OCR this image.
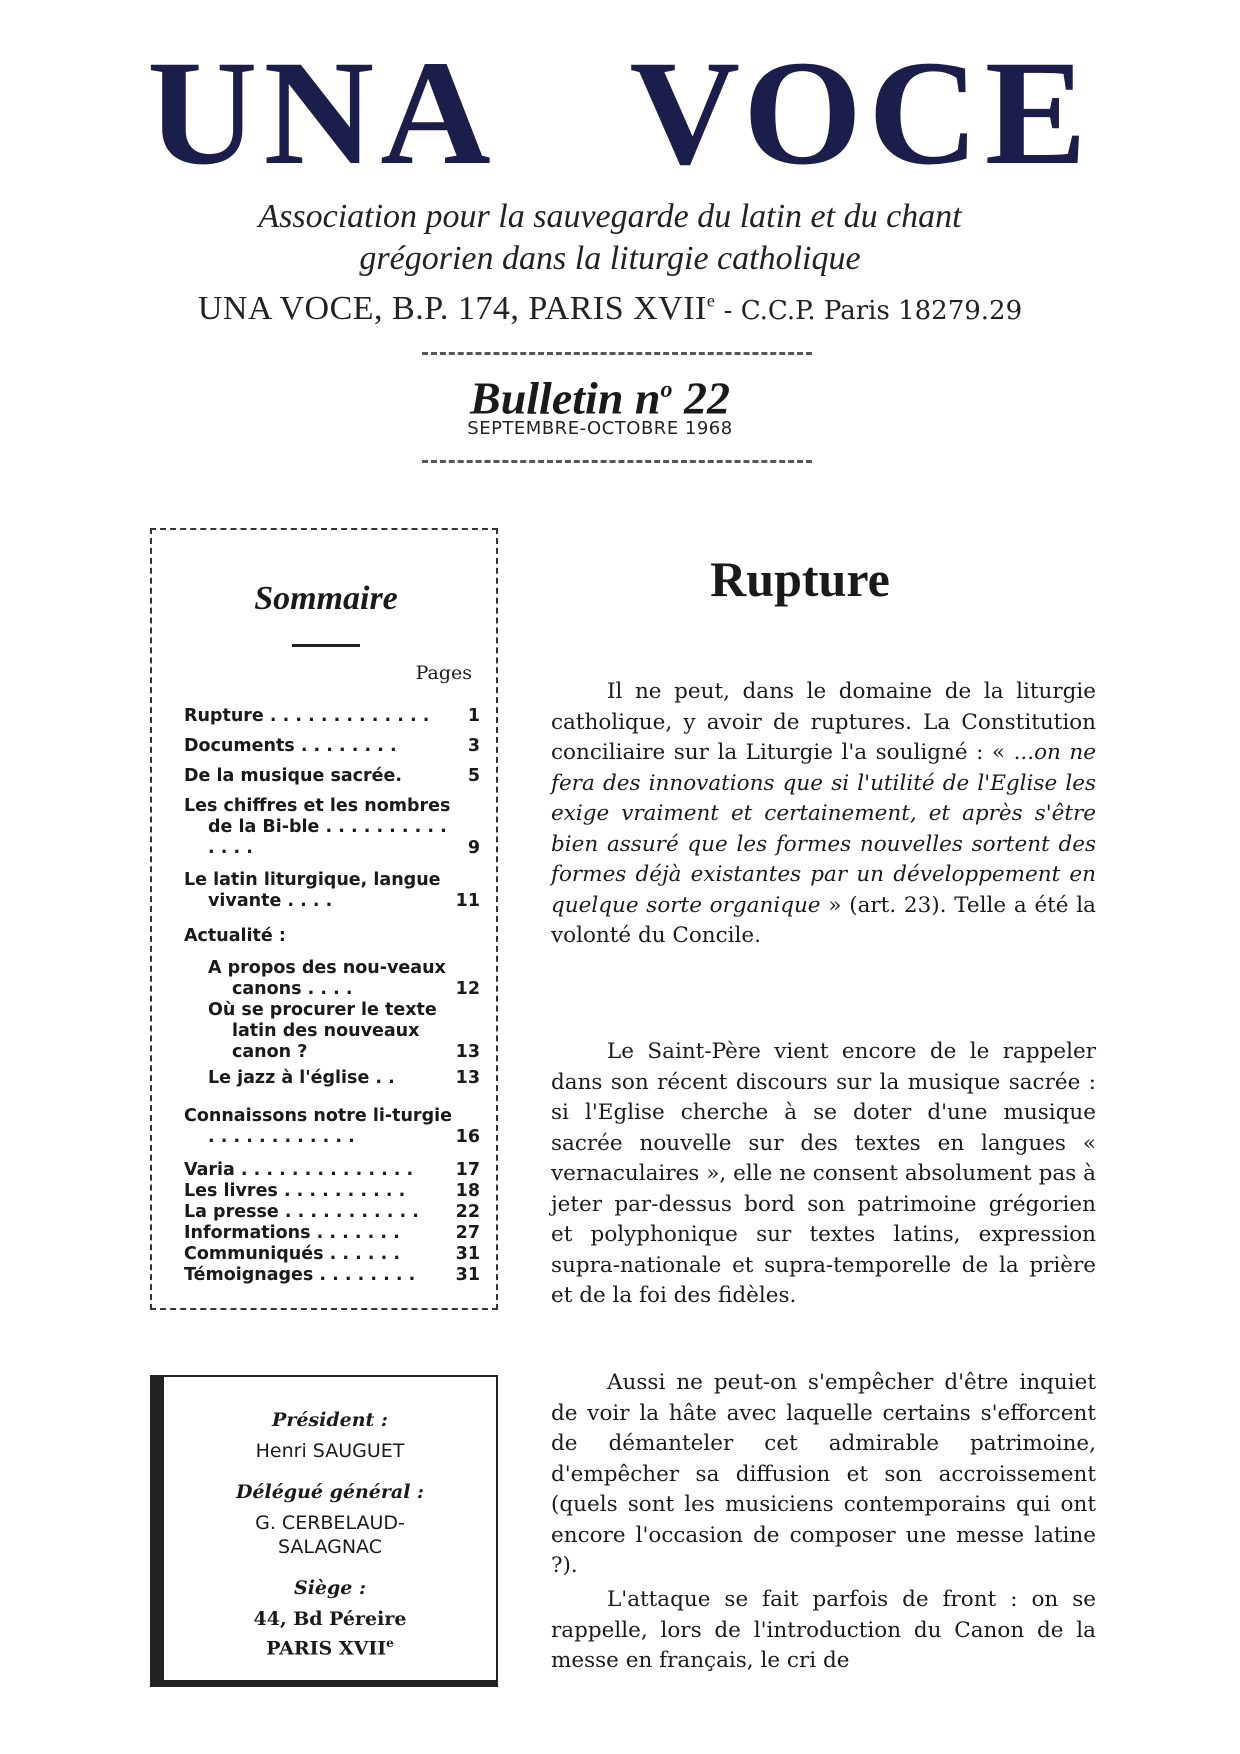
UNA VOCE
Association pour la sauvegarde du latin et du chant
grégorien dans la liturgie catholique
UNA VOCE, B.P. 174, PARIS XVIIe - C.C.P. Paris 18279.29
Bulletin $n^o$ 22
SEPTEMBRE-OCTOBRE 1968
Sommaire
Pages
Rupture . . . . . . . . . . . . .	1
Documents . . . . . . . .	3
De la musique sacrée.	5
Les chiffres et les nombres de la Bi-ble . . . . . . . . . . . . . .	9
Le latin liturgique, langue vivante . . . .	11
Actualité :
A propos des nou-veaux canons . . . .	12
Où se procurer le texte latin des nouveaux canon ?	13
Le jazz à l'église . .	13
Connaissons notre li-turgie . . . . . . . . . . . .	16
Varia . . . . . . . . . . . . . .	17
Les livres . . . . . . . . . .	18
La presse . . . . . . . . . . .	22
Informations . . . . . . .	27
Communiqués . . . . . .	31
Témoignages . . . . . . . .	31
Président :
Henri SAUGUET
Délégué général :
G. CERBELAUD-
SALAGNAC
Siège :
44, Bd Péreire
PARIS XVIIe
Rupture
Il ne peut, dans le domaine de la liturgie catholique, y avoir de ruptures. La Constitution conciliaire sur la Liturgie l'a souligné : « ...on ne fera des innovations que si l'utilité de l'Eglise les exige vraiment et certainement, et après s'être bien assuré que les formes nouvelles sortent des formes déjà existantes par un développement en quelque sorte organique » (art. 23). Telle a été la volonté du Concile.
Le Saint-Père vient encore de le rappeler dans son récent discours sur la musique sacrée : si l'Eglise cherche à se doter d'une musique sacrée nouvelle sur des textes en langues « vernaculaires », elle ne consent absolument pas à jeter par-dessus bord son patrimoine grégorien et polyphonique sur textes latins, expression supra-nationale et supra-temporelle de la prière et de la foi des fidèles.
Aussi ne peut-on s'empêcher d'être inquiet de voir la hâte avec laquelle certains s'efforcent de démanteler cet admirable patrimoine, d'empêcher sa diffusion et son accroissement (quels sont les musiciens contemporains qui ont encore l'occasion de composer une messe latine ?).
L'attaque se fait parfois de front : on se rappelle, lors de l'introduction du Canon de la messe en français, le cri de
